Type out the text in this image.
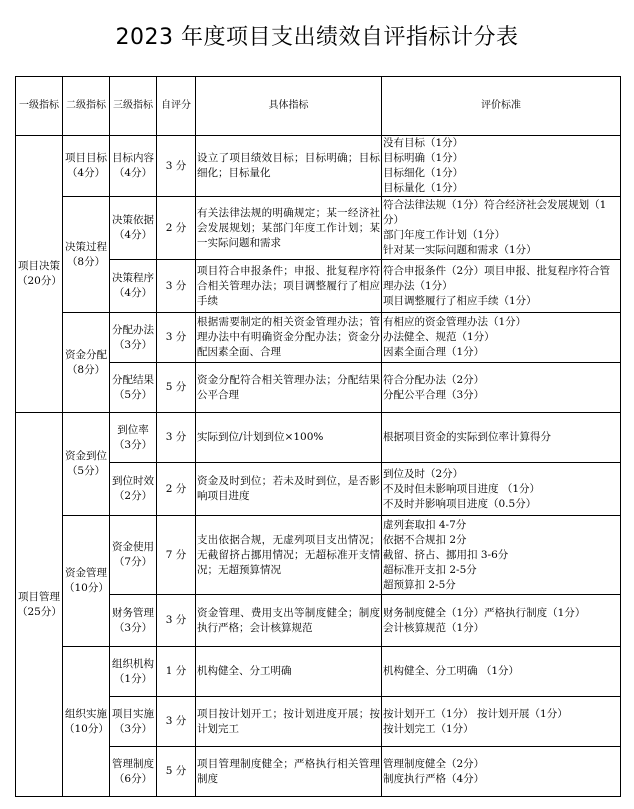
2023 年度项目支出绩效自评指标计分表
一级指标	二级指标	三级指标	自评分	具体指标	评价标准
项目决策（20分）	项目目标（4分）	目标内容（4分）	3 分	设立了项目绩效目标；目标明确；目标细化；目标量化	没有目标（1分）
目标明确（1分）
目标细化（1分）
目标量化（1分）

	决策过程（8分）	决策依据（4分）	2 分	有关法律法规的明确规定；某一经济社会发展规划；某部门年度工作计划；某一实际问题和需求	符合法律法规（1分）符合经济社会发展规划（1分）
部门年度工作计划（1分）
针对某一实际问题和需求（1分）

		决策程序（4分）	3 分	项目符合申报条件；申报、批复程序符合相关管理办法；项目调整履行了相应手续	符合申报条件（2分）项目申报、批复程序符合管理办法（1分）
项目调整履行了相应手续（1分）

	资金分配（8分）	分配办法（3分）	3 分	根据需要制定的相关资金管理办法；管理办法中有明确资金分配办法；资金分配因素全面、合理	有相应的资金管理办法（1分）
办法健全、规范（1分）
因素全面合理（1分）

		分配结果（5分）	5 分	资金分配符合相关管理办法；分配结果公平合理	符合分配办法（2分）
分配公平合理（3分）

项目管理（25分）	资金到位（5分）	到位率（3分）	3 分	实际到位/计划到位×100%	根据项目资金的实际到位率计算得分

		到位时效（2分）	2 分	资金及时到位；若未及时到位，是否影响项目进度	到位及时（2分）
不及时但未影响项目进度 （1分）
不及时并影响项目进度（0.5分）

	资金管理（10分）	资金使用（7分）	7 分	支出依据合规，无虚列项目支出情况；无截留挤占挪用情况；无超标准开支情况；无超预算情况	虚列套取扣 4-7分
依据不合规扣 2分
截留、挤占、挪用扣 3-6分
超标准开支扣 2-5分
超预算扣 2-5分

		财务管理（3分）	3 分	资金管理、费用支出等制度健全；制度执行严格；会计核算规范	财务制度健全（1分）严格执行制度（1分）
会计核算规范（1分）

	组织实施（10分）	组织机构（1分）	1 分	机构健全、分工明确	机构健全、分工明确 （1分）

		项目实施（3分）	3 分	项目按计划开工；按计划进度开展；按计划完工	按计划开工（1分） 按计划开展（1分）
按计划完工（1分）

		管理制度（6分）	5 分	项目管理制度健全；严格执行相关管理制度	管理制度健全（2分）
制度执行严格（4分）
